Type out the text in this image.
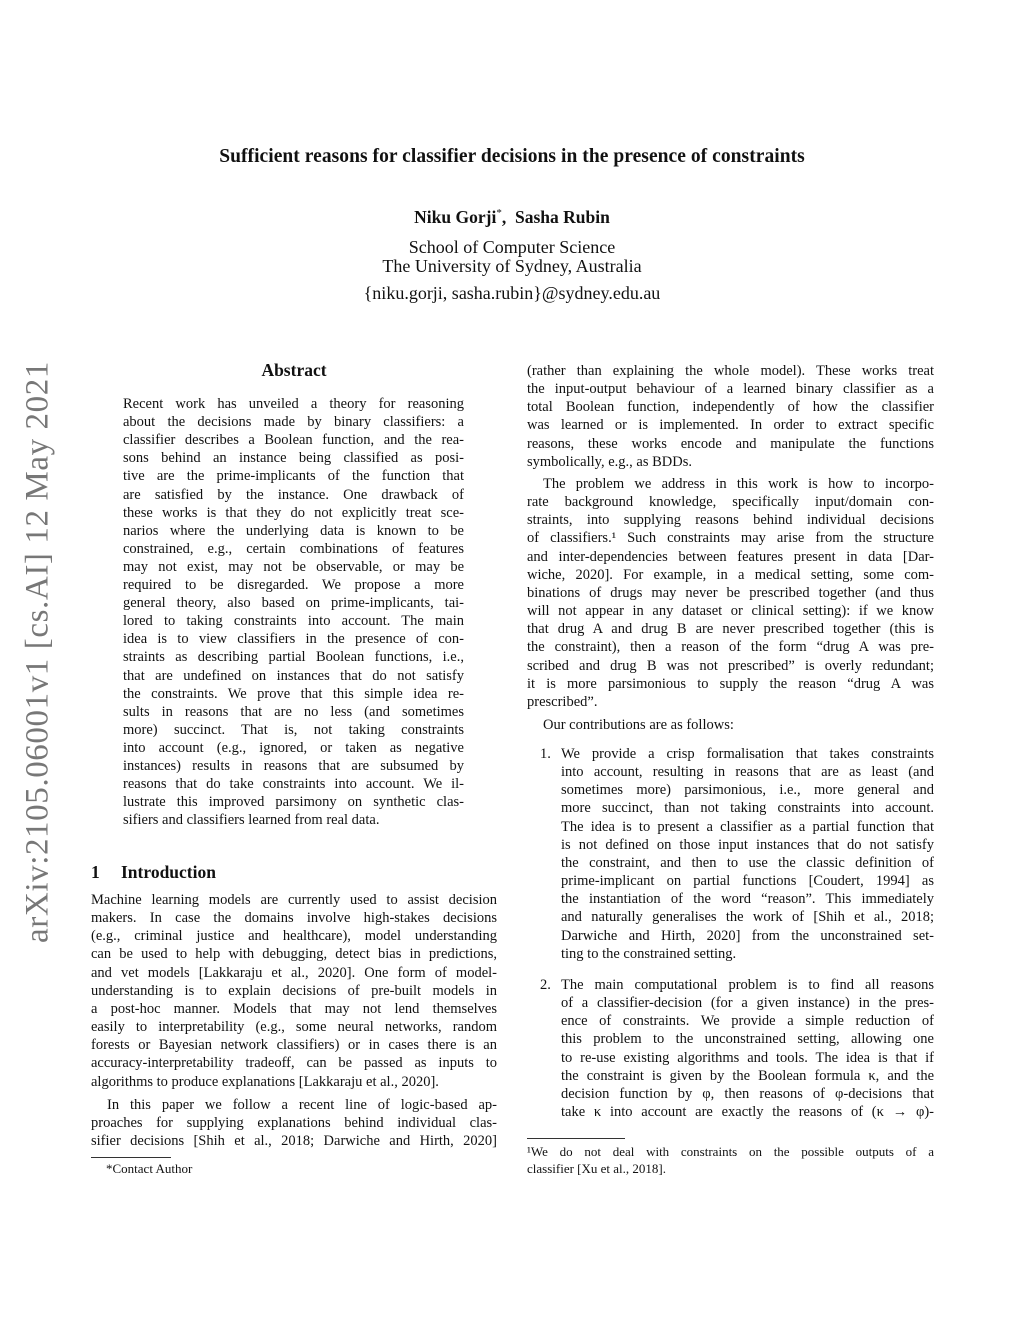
Sufficient reasons for classifier decisions in the presence of constraints
Niku Gorji*, Sasha Rubin
School of Computer Science
The University of Sydney, Australia
{niku.gorji, sasha.rubin}@sydney.edu.au
arXiv:2105.06001v1 [cs.AI] 12 May 2021	Abstract
1 Introduction
*Contact Author
Our contributions are as follows:
1.
2.
¹We do not deal with constraints on the possible outputs of a
classifier [Xu et al., 2018].
Recent work has unveiled a theory for reasoning
about the decisions made by binary classifiers: a
classifier describes a Boolean function, and the rea-
sons behind an instance being classified as posi-
tive are the prime-implicants of the function that
are satisfied by the instance. One drawback of
these works is that they do not explicitly treat sce-
narios where the underlying data is known to be
constrained, e.g., certain combinations of features
may not exist, may not be observable, or may be
required to be disregarded. We propose a more
general theory, also based on prime-implicants, tai-
lored to taking constraints into account. The main
idea is to view classifiers in the presence of con-
straints as describing partial Boolean functions, i.e.,
that are undefined on instances that do not satisfy
the constraints. We prove that this simple idea re-
sults in reasons that are no less (and sometimes
more) succinct. That is, not taking constraints
into account (e.g., ignored, or taken as negative
instances) results in reasons that are subsumed by
reasons that do take constraints into account. We il-
lustrate this improved parsimony on synthetic clas-
sifiers and classifiers learned from real data.
Machine learning models are currently used to assist decision
makers. In case the domains involve high-stakes decisions
(e.g., criminal justice and healthcare), model understanding
can be used to help with debugging, detect bias in predictions,
and vet models [Lakkaraju et al., 2020]. One form of model-
understanding is to explain decisions of pre-built models in
a post-hoc manner. Models that may not lend themselves
easily to interpretability (e.g., some neural networks, random
forests or Bayesian network classifiers) or in cases there is an
accuracy-interpretability tradeoff, can be passed as inputs to
algorithms to produce explanations [Lakkaraju et al., 2020].
In this paper we follow a recent line of logic-based ap-
proaches for supplying explanations behind individual clas-
sifier decisions [Shih et al., 2018; Darwiche and Hirth, 2020]
(rather than explaining the whole model). These works treat
the input-output behaviour of a learned binary classifier as a
total Boolean function, independently of how the classifier
was learned or is implemented. In order to extract specific
reasons, these works encode and manipulate the functions
symbolically, e.g., as BDDs.
The problem we address in this work is how to incorpo-
rate background knowledge, specifically input/domain con-
straints, into supplying reasons behind individual decisions
of classifiers.¹ Such constraints may arise from the structure
and inter-dependencies between features present in data [Dar-
wiche, 2020]. For example, in a medical setting, some com-
binations of drugs may never be prescribed together (and thus
will not appear in any dataset or clinical setting): if we know
that drug A and drug B are never prescribed together (this is
the constraint), then a reason of the form “drug A was pre-
scribed and drug B was not prescribed” is overly redundant;
it is more parsimonious to supply the reason “drug A was
prescribed”.
We provide a crisp formalisation that takes constraints
into account, resulting in reasons that are as least (and
sometimes more) parsimonious, i.e., more general and
more succinct, than not taking constraints into account.
The idea is to present a classifier as a partial function that
is not defined on those input instances that do not satisfy
the constraint, and then to use the classic definition of
prime-implicant on partial functions [Coudert, 1994] as
the instantiation of the word “reason”. This immediately
and naturally generalises the work of [Shih et al., 2018;
Darwiche and Hirth, 2020] from the unconstrained set-
ting to the constrained setting.
The main computational problem is to find all reasons
of a classifier-decision (for a given instance) in the pres-
ence of constraints. We provide a simple reduction of
this problem to the unconstrained setting, allowing one
to re-use existing algorithms and tools. The idea is that if
the constraint is given by the Boolean formula κ, and the
decision function by φ, then reasons of φ-decisions that
take κ into account are exactly the reasons of (κ → φ)-
